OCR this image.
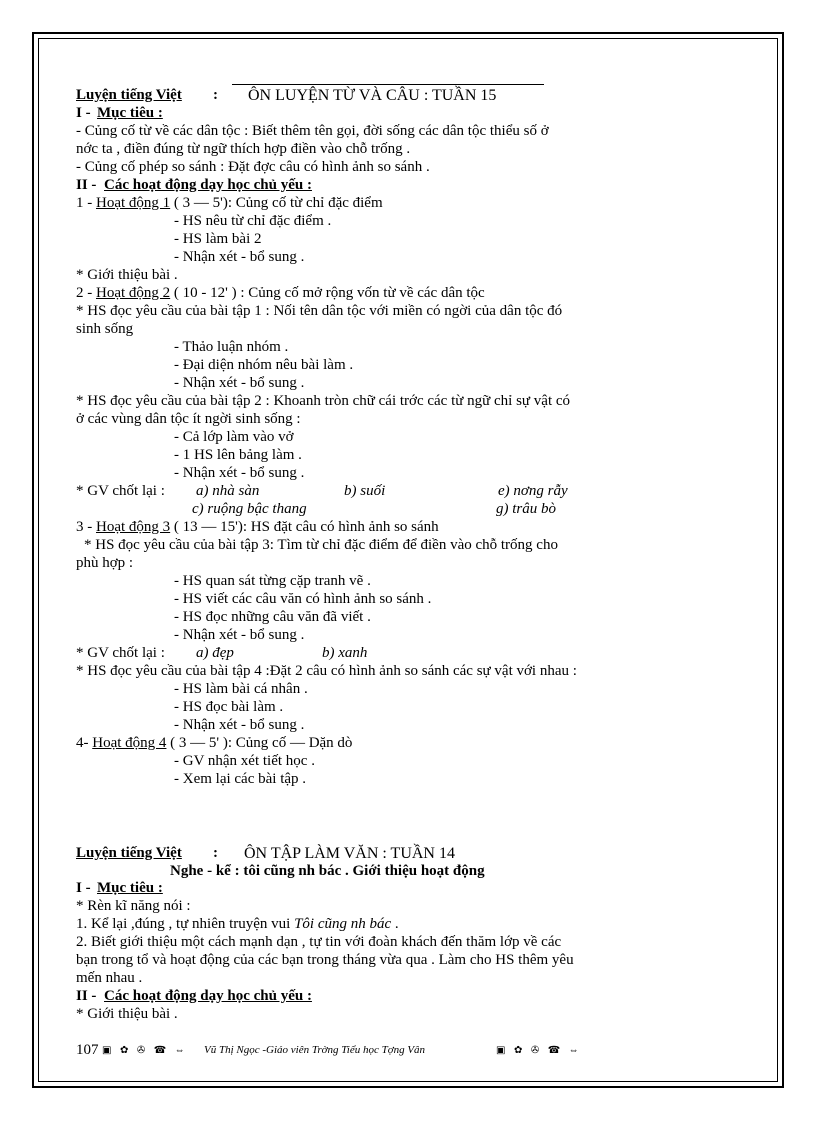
Luyện tiếng Việt : ÔN LUYỆN TỪ VÀ CÂU : TUẦN 15
I - Mục tiêu :
- Củng cố từ về các dân tộc : Biết thêm tên gọi, đời sống các dân tộc thiểu số ở
nớc ta , điền đúng từ ngữ thích hợp điền vào chỗ trống .
- Củng cố phép so sánh : Đặt đợc câu có hình ảnh so sánh .
II - Các hoạt động dạy học chủ yếu :
1 - Hoạt động 1 ( 3 — 5'): Củng cố từ chỉ đặc điểm
- HS nêu từ chỉ đặc điểm .
- HS làm bài 2
- Nhận xét - bổ sung .
* Giới thiệu bài .
2 - Hoạt động 2 ( 10 - 12' ) : Củng cố mở rộng vốn từ về các dân tộc
* HS đọc yêu cầu của bài tập 1 : Nối tên dân tộc với miền có ngời của dân tộc đó
sinh sống
- Thảo luận nhóm .
- Đại diện nhóm nêu bài làm .
- Nhận xét - bổ sung .
* HS đọc yêu cầu của bài tập 2 : Khoanh tròn chữ cái trớc các từ ngữ chỉ sự vật có
ở các vùng dân tộc ít ngời sinh sống :
- Cả lớp làm vào vở
- 1 HS lên bảng làm .
- Nhận xét - bổ sung .
* GV chốt lại : a) nhà sàn	b) suối	e) nơng rẫy
c) ruộng bậc thang	g) trâu bò
3 - Hoạt động 3 ( 13 — 15'): HS đặt câu có hình ảnh so sánh
* HS đọc yêu cầu của bài tập 3: Tìm từ chỉ đặc điểm để điền vào chỗ trống cho
phù hợp :
- HS quan sát từng cặp tranh vẽ .
- HS viết các câu văn có hình ảnh so sánh .
- HS đọc những câu văn đã viết .
- Nhận xét - bổ sung .
* GV chốt lại : a) đẹp	b) xanh
* HS đọc yêu cầu của bài tập 4 :Đặt 2 câu có hình ảnh so sánh các sự vật với nhau :
- HS làm bài cá nhân .
- HS đọc bài làm .
- Nhận xét - bổ sung .
4- Hoạt động 4 ( 3 — 5' ): Củng cố — Dặn dò
- GV nhận xét tiết học .
- Xem lại các bài tập .
Luyện tiếng Việt : ÔN TẬP LÀM VĂN : TUẦN 14
Nghe - kể : tôi cũng nh bác . Giới thiệu hoạt động
I - Mục tiêu :
* Rèn kĩ năng nói :
1. Kể lại ,đúng , tự nhiên truyện vui Tôi cũng nh bác .
2. Biết giới thiệu một cách mạnh dạn , tự tin với đoàn khách đến thăm lớp về các
bạn trong tổ và hoạt động của các bạn trong tháng vừa qua . Làm cho HS thêm yêu
mến nhau .
II - Các hoạt động dạy học chủ yếu :
* Giới thiệu bài .
107 ▣ ✿ ✇ ☎ ⇔ Vũ Thị Ngọc -Giáo viên Trờng Tiểu học Tợng Vân	▣ ✿ ✇ ☎ ⇔
